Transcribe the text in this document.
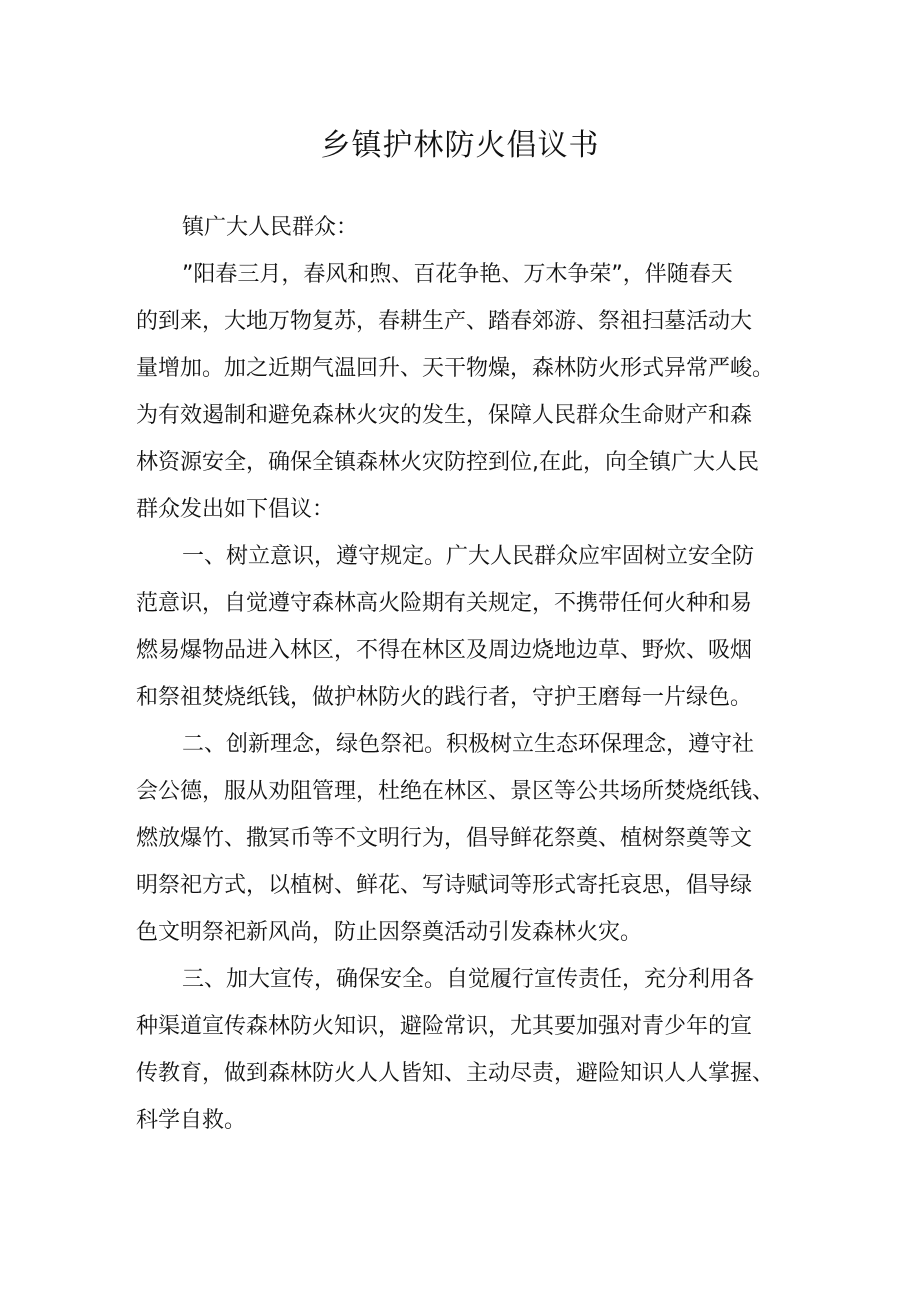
乡镇护林防火倡议书
镇广大人民群众：
”阳春三月，春风和煦、百花争艳、万木争荣”，伴随春天
的到来，大地万物复苏，春耕生产、踏春郊游、祭祖扫墓活动大
量增加。加之近期气温回升、天干物燥，森林防火形式异常严峻。
为有效遏制和避免森林火灾的发生，保障人民群众生命财产和森
林资源安全，确保全镇森林火灾防控到位,在此，向全镇广大人民
群众发出如下倡议：
一、树立意识，遵守规定。广大人民群众应牢固树立安全防
范意识，自觉遵守森林高火险期有关规定，不携带任何火种和易
燃易爆物品进入林区，不得在林区及周边烧地边草、野炊、吸烟
和祭祖焚烧纸钱，做护林防火的践行者，守护王磨每一片绿色。
二、创新理念，绿色祭祀。积极树立生态环保理念，遵守社
会公德，服从劝阻管理，杜绝在林区、景区等公共场所焚烧纸钱、
燃放爆竹、撒冥币等不文明行为，倡导鲜花祭奠、植树祭奠等文
明祭祀方式，以植树、鲜花、写诗赋词等形式寄托哀思，倡导绿
色文明祭祀新风尚，防止因祭奠活动引发森林火灾。
三、加大宣传，确保安全。自觉履行宣传责任，充分利用各
种渠道宣传森林防火知识，避险常识，尤其要加强对青少年的宣
传教育，做到森林防火人人皆知、主动尽责，避险知识人人掌握、
科学自救。
